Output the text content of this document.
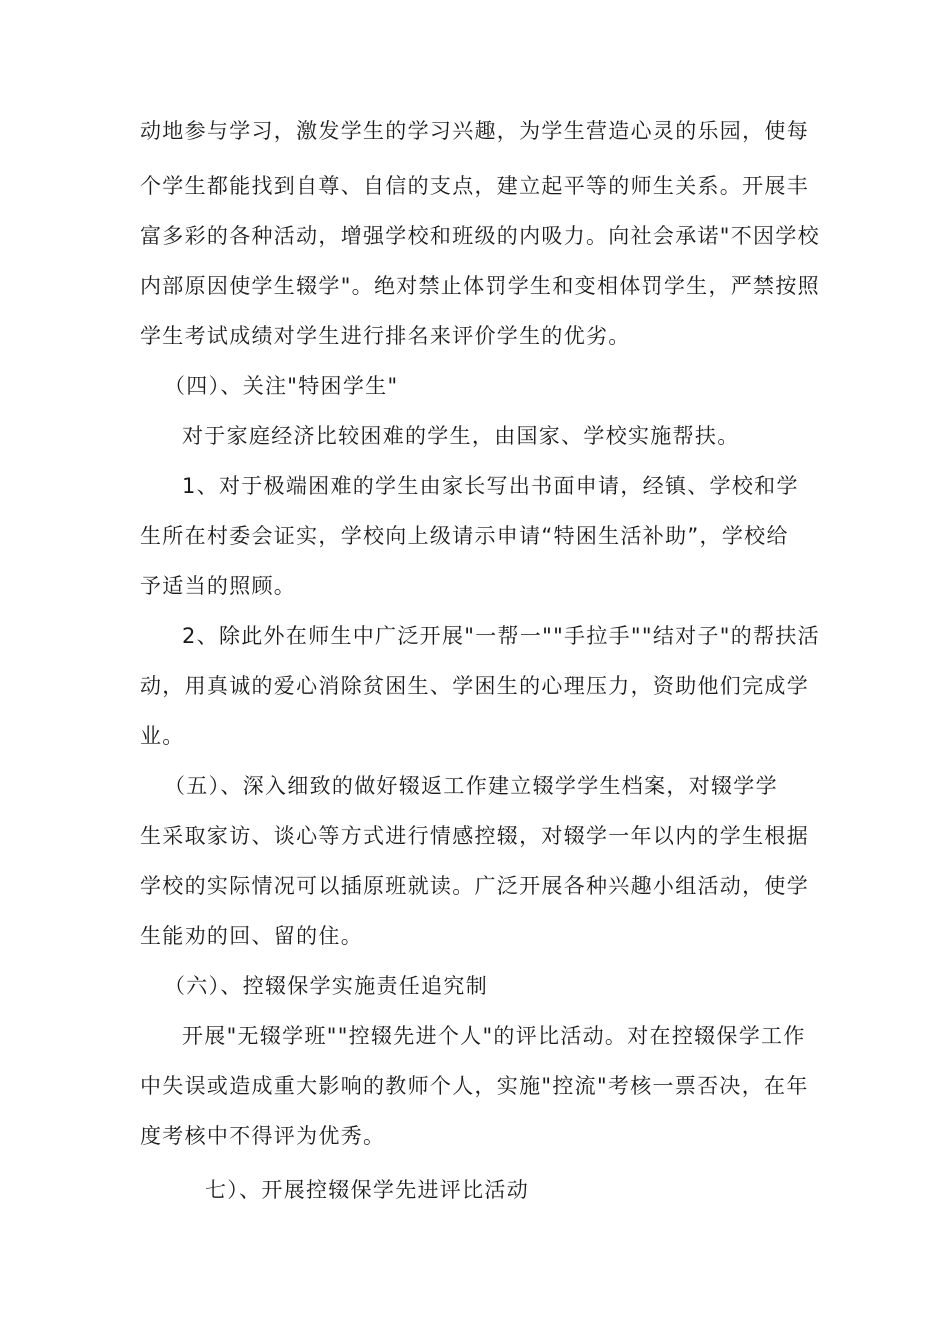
动地参与学习，激发学生的学习兴趣，为学生营造心灵的乐园，使每
个学生都能找到自尊、自信的支点，建立起平等的师生关系。开展丰
富多彩的各种活动，增强学校和班级的内吸力。向社会承诺"不因学校
内部原因使学生辍学"。绝对禁止体罚学生和变相体罚学生，严禁按照
学生考试成绩对学生进行排名来评价学生的优劣。
（四）、关注"特困学生"
对于家庭经济比较困难的学生，由国家、学校实施帮扶。
1、对于极端困难的学生由家长写出书面申请，经镇、学校和学
生所在村委会证实，学校向上级请示申请“特困生活补助”，学校给
予适当的照顾。
2、除此外在师生中广泛开展"一帮一""手拉手""结对子"的帮扶活
动，用真诚的爱心消除贫困生、学困生的心理压力，资助他们完成学
业。
（五）、深入细致的做好辍返工作建立辍学学生档案，对辍学学
生采取家访、谈心等方式进行情感控辍，对辍学一年以内的学生根据
学校的实际情况可以插原班就读。广泛开展各种兴趣小组活动，使学
生能劝的回、留的住。
（六）、控辍保学实施责任追究制
开展"无辍学班""控辍先进个人"的评比活动。对在控辍保学工作
中失误或造成重大影响的教师个人，实施"控流"考核一票否决，在年
度考核中不得评为优秀。
七）、开展控辍保学先进评比活动
